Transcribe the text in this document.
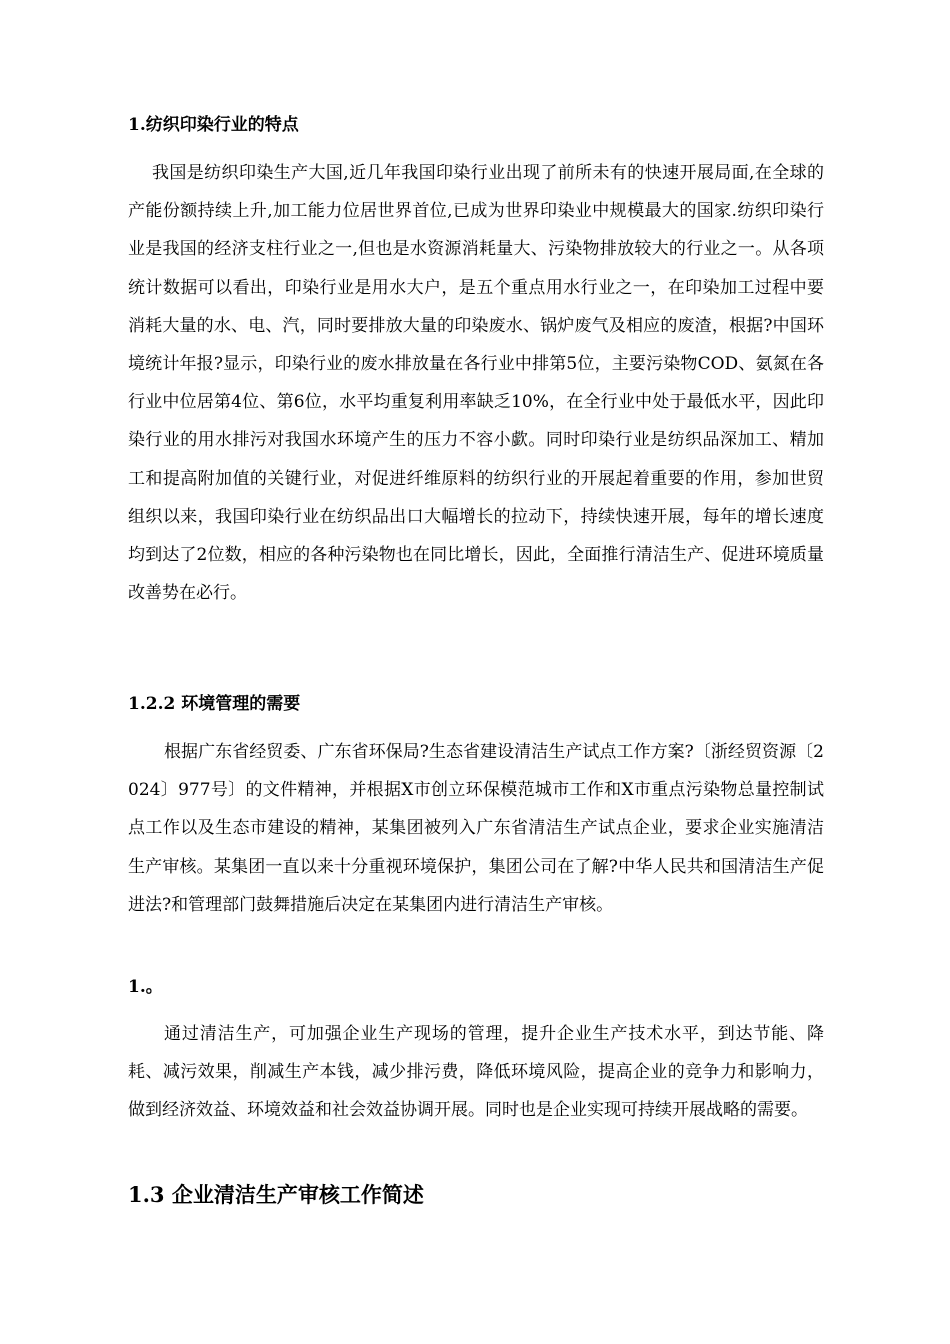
1.纺织印染行业的特点
我国是纺织印染生产大国,近几年我国印染行业出现了前所未有的快速开展局面,在全球的产能份额持续上升,加工能力位居世界首位,已成为世界印染业中规模最大的国家.纺织印染行业是我国的经济支柱行业之一,但也是水资源消耗量大、污染物排放较大的行业之一。从各项统计数据可以看出，印染行业是用水大户，是五个重点用水行业之一，在印染加工过程中要消耗大量的水、电、汽，同时要排放大量的印染废水、锅炉废气及相应的废渣，根据?中国环境统计年报?显示，印染行业的废水排放量在各行业中排第5位，主要污染物COD、氨氮在各行业中位居第4位、第6位，水平均重复利用率缺乏10%，在全行业中处于最低水平，因此印染行业的用水排污对我国水环境产生的压力不容小歔。同时印染行业是纺织品深加工、精加工和提高附加值的关键行业，对促进纤维原料的纺织行业的开展起着重要的作用，参加世贸组织以来，我国印染行业在纺织品出口大幅增长的拉动下，持续快速开展，每年的增长速度均到达了2位数，相应的各种污染物也在同比增长，因此，全面推行清洁生产、促进环境质量改善势在必行。
1.2.2 环境管理的需要
根据广东省经贸委、广东省环保局?生态省建设清洁生产试点工作方案?〔浙经贸资源〔2024〕977号〕的文件精神，并根据X市创立环保模范城市工作和X市重点污染物总量控制试点工作以及生态市建设的精神，某集团被列入广东省清洁生产试点企业，要求企业实施清洁生产审核。某集团一直以来十分重视环境保护，集团公司在了解?中华人民共和国清洁生产促进法?和管理部门鼓舞措施后决定在某集团内进行清洁生产审核。
1.。
通过清洁生产，可加强企业生产现场的管理，提升企业生产技术水平，到达节能、降耗、减污效果，削减生产本钱，减少排污费，降低环境风险，提高企业的竞争力和影响力，做到经济效益、环境效益和社会效益协调开展。同时也是企业实现可持续开展战略的需要。
1.3 企业清洁生产审核工作简述
